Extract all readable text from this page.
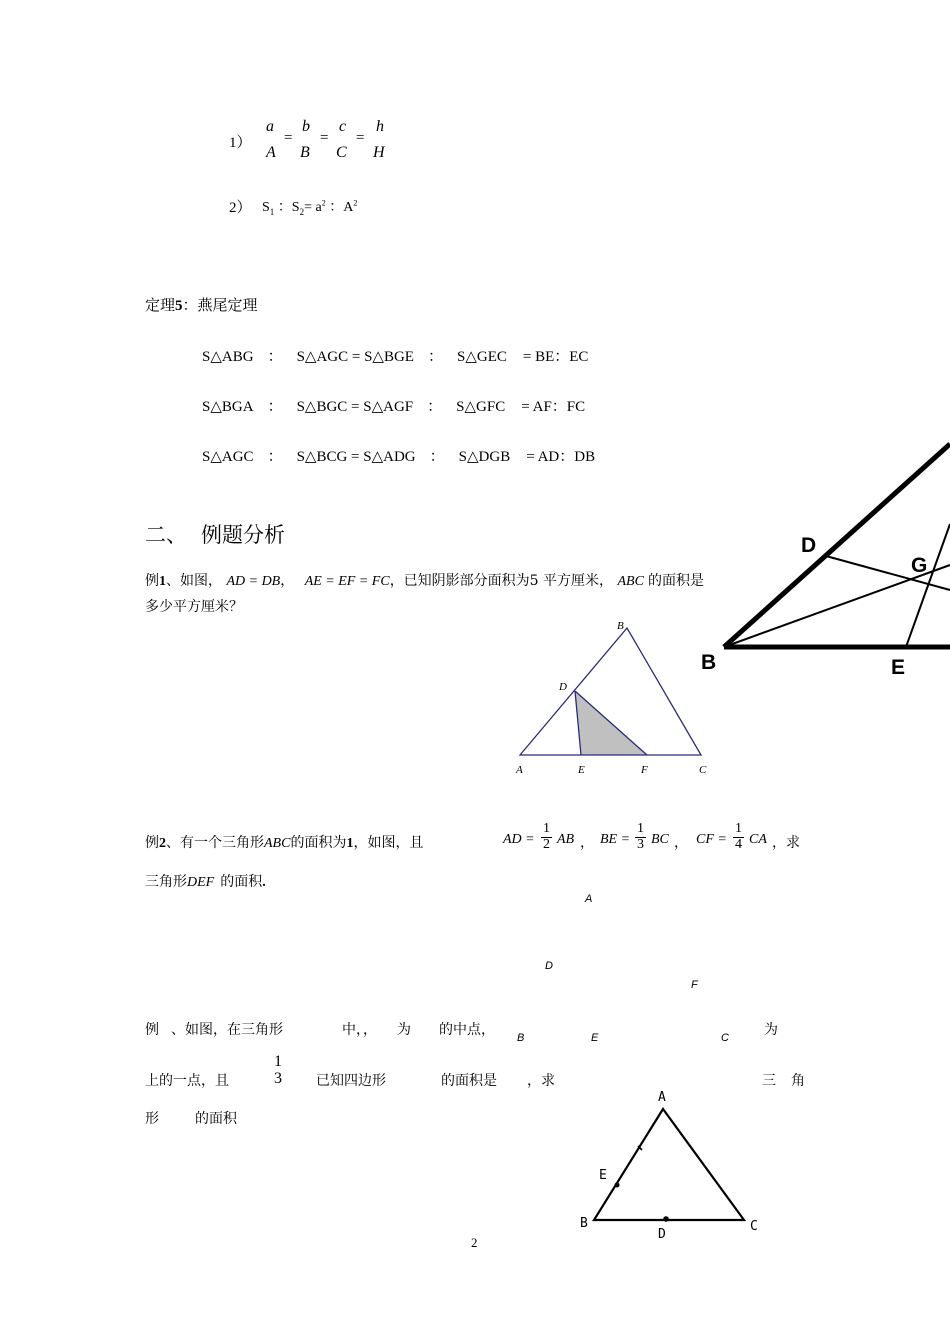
1）
a
A
=
b
B
=
c
C
=
h
H
2） $S_1$ ：$S_2= a^2$ ：$A^2$
定理5：燕尾定理
S△ABG ： S△AGC = S△BGE ： S△GEC = BE：EC
S△BGA ： S△BGC = S△AGF ： S△GFC = AF：FC
S△AGC ： S△BCG = S△ADG ： S△DGB = AD：DB
D
G
B	E
二、 例题分析
例1、如图， AD = DB， AE = EF = FC，已知阴影部分面积为5 平方厘米， ABC 的面积是
多少平方厘米？
B
D
A	E	F	C
例2、有一个三角形ABC的面积为1，如图，且	AD = $\frac{1}{2}$ AB ， BE = $\frac{1}{3}$ BC ， CF = $\frac{1}{4}$ CA ，求
三角形DEF 的面积.
A
D
F
B	E	C
例 、如图，在三角形	中，， 为 的中点，	为
上的一点，且
1
3 已知四边形	的面积是 ，求	三 角
形	的面积
A
E
B
D
C
2
